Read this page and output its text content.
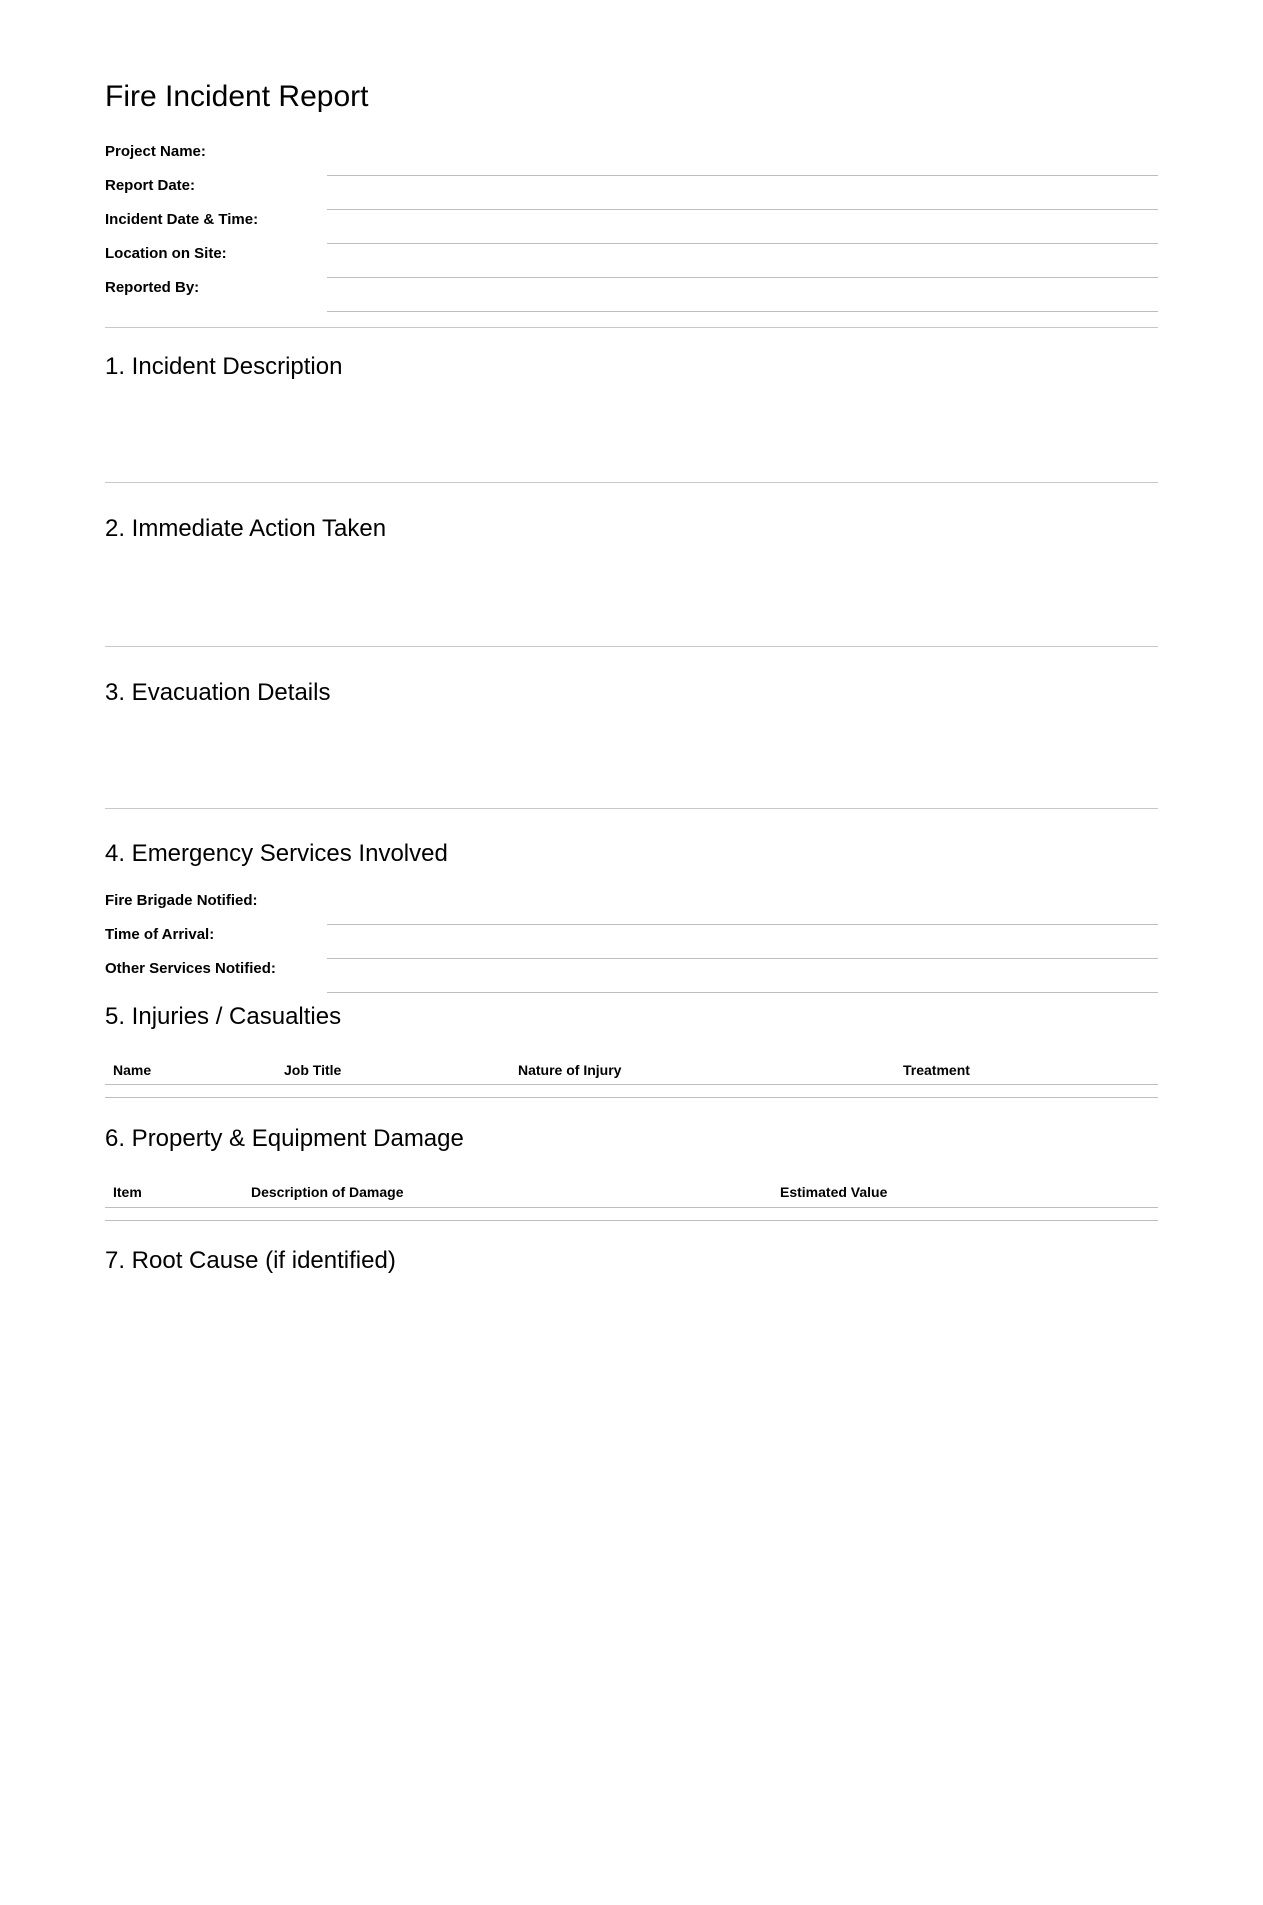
Fire Incident Report
Project Name:
Report Date:
Incident Date & Time:
Location on Site:
Reported By:
1. Incident Description
2. Immediate Action Taken
3. Evacuation Details
4. Emergency Services Involved
Fire Brigade Notified:
Time of Arrival:
Other Services Notified:
5. Injuries / Casualties
Name	Job Title	Nature of Injury	Treatment
6. Property & Equipment Damage
Item	Description of Damage	Estimated Value
7. Root Cause (if identified)
